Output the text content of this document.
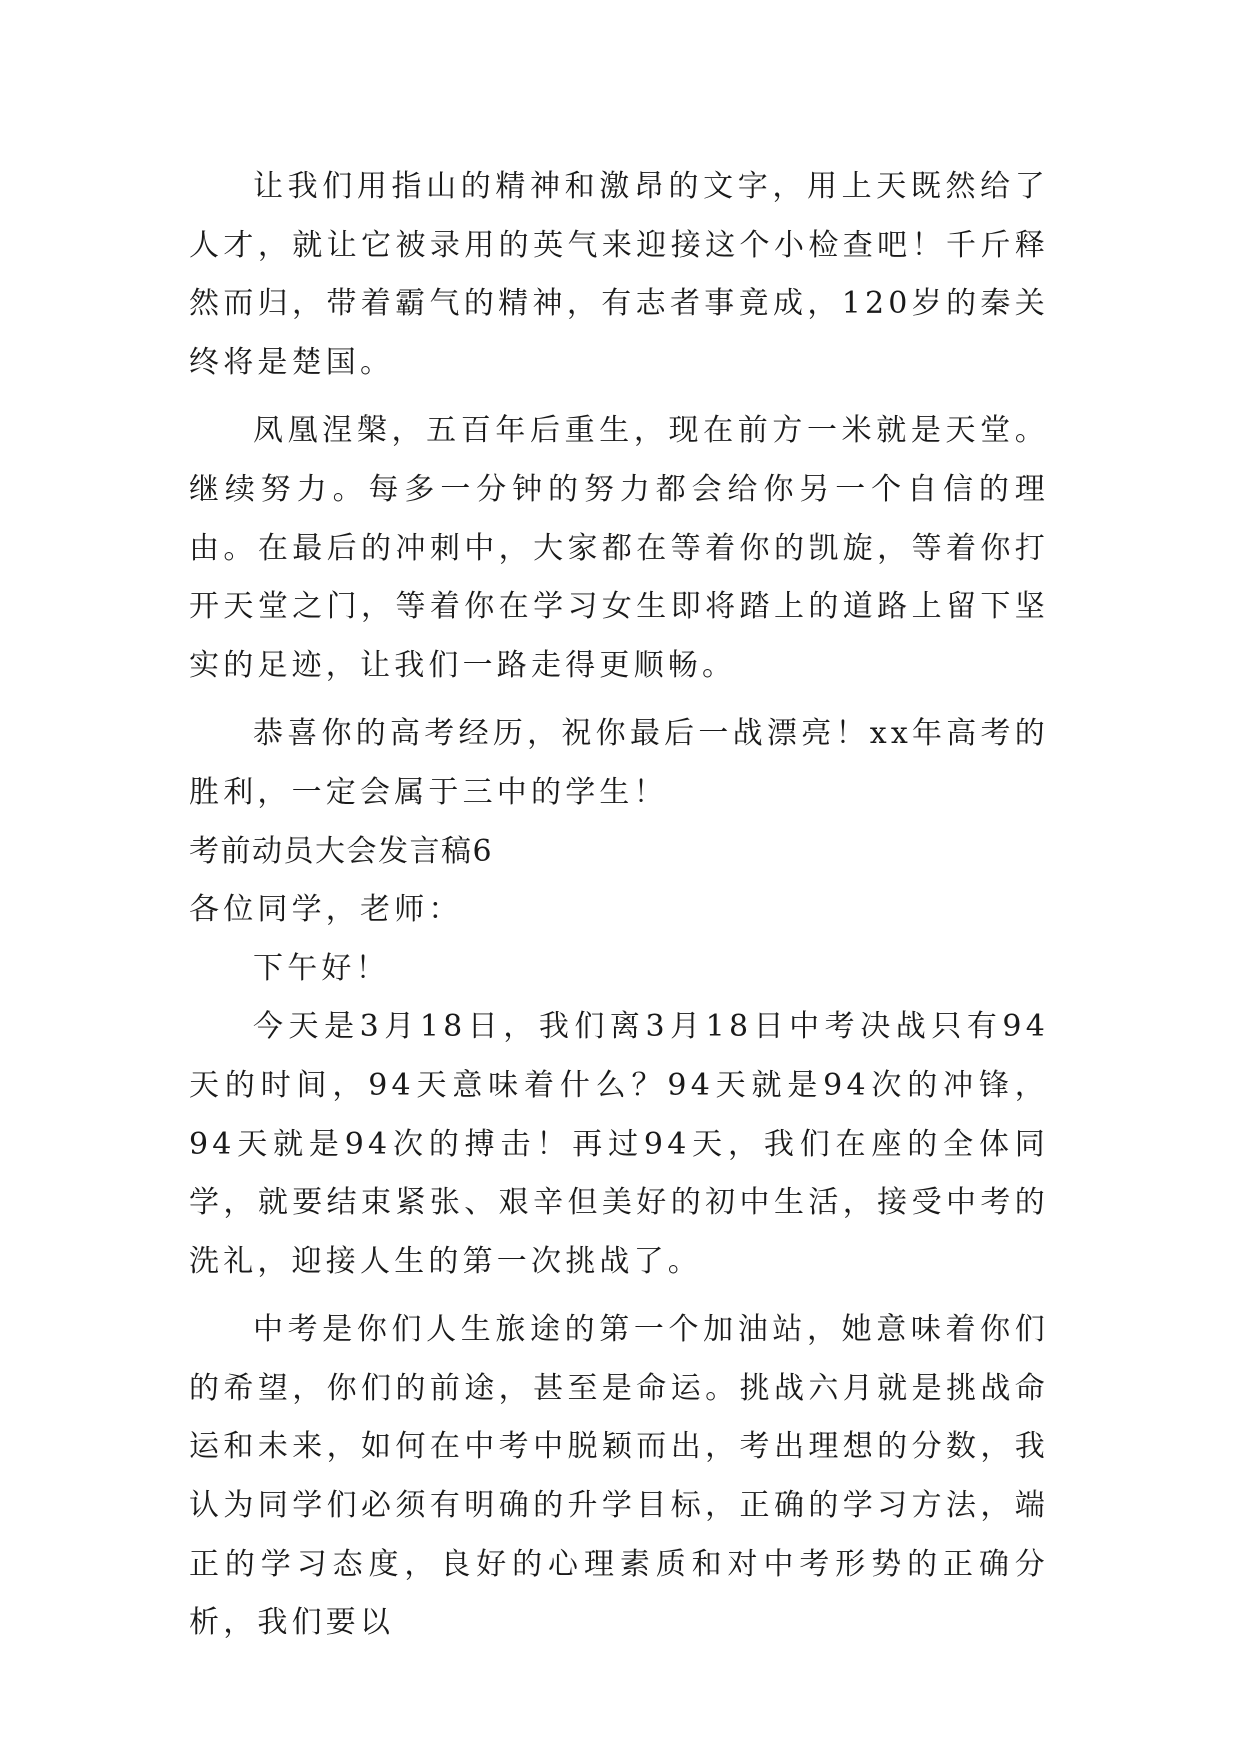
让我们用指山的精神和激昂的文字，用上天既然给了人才，就让它被录用的英气来迎接这个小检查吧！千斤释然而归，带着霸气的精神，有志者事竟成，120岁的秦关终将是楚国。

凤凰涅槃，五百年后重生，现在前方一米就是天堂。继续努力。每多一分钟的努力都会给你另一个自信的理由。在最后的冲刺中，大家都在等着你的凯旋，等着你打开天堂之门，等着你在学习女生即将踏上的道路上留下坚实的足迹，让我们一路走得更顺畅。

恭喜你的高考经历，祝你最后一战漂亮！xx年高考的胜利，一定会属于三中的学生！

考前动员大会发言稿6

各位同学，老师：

下午好！

今天是3月18日，我们离3月18日中考决战只有94天的时间，94天意味着什么？94天就是94次的冲锋，94天就是94次的搏击！再过94天，我们在座的全体同学，就要结束紧张、艰辛但美好的初中生活，接受中考的洗礼，迎接人生的第一次挑战了。

中考是你们人生旅途的第一个加油站，她意味着你们的希望，你们的前途，甚至是命运。挑战六月就是挑战命运和未来，如何在中考中脱颖而出，考出理想的分数，我认为同学们必须有明确的升学目标，正确的学习方法，端正的学习态度，良好的心理素质和对中考形势的正确分析，我们要以
